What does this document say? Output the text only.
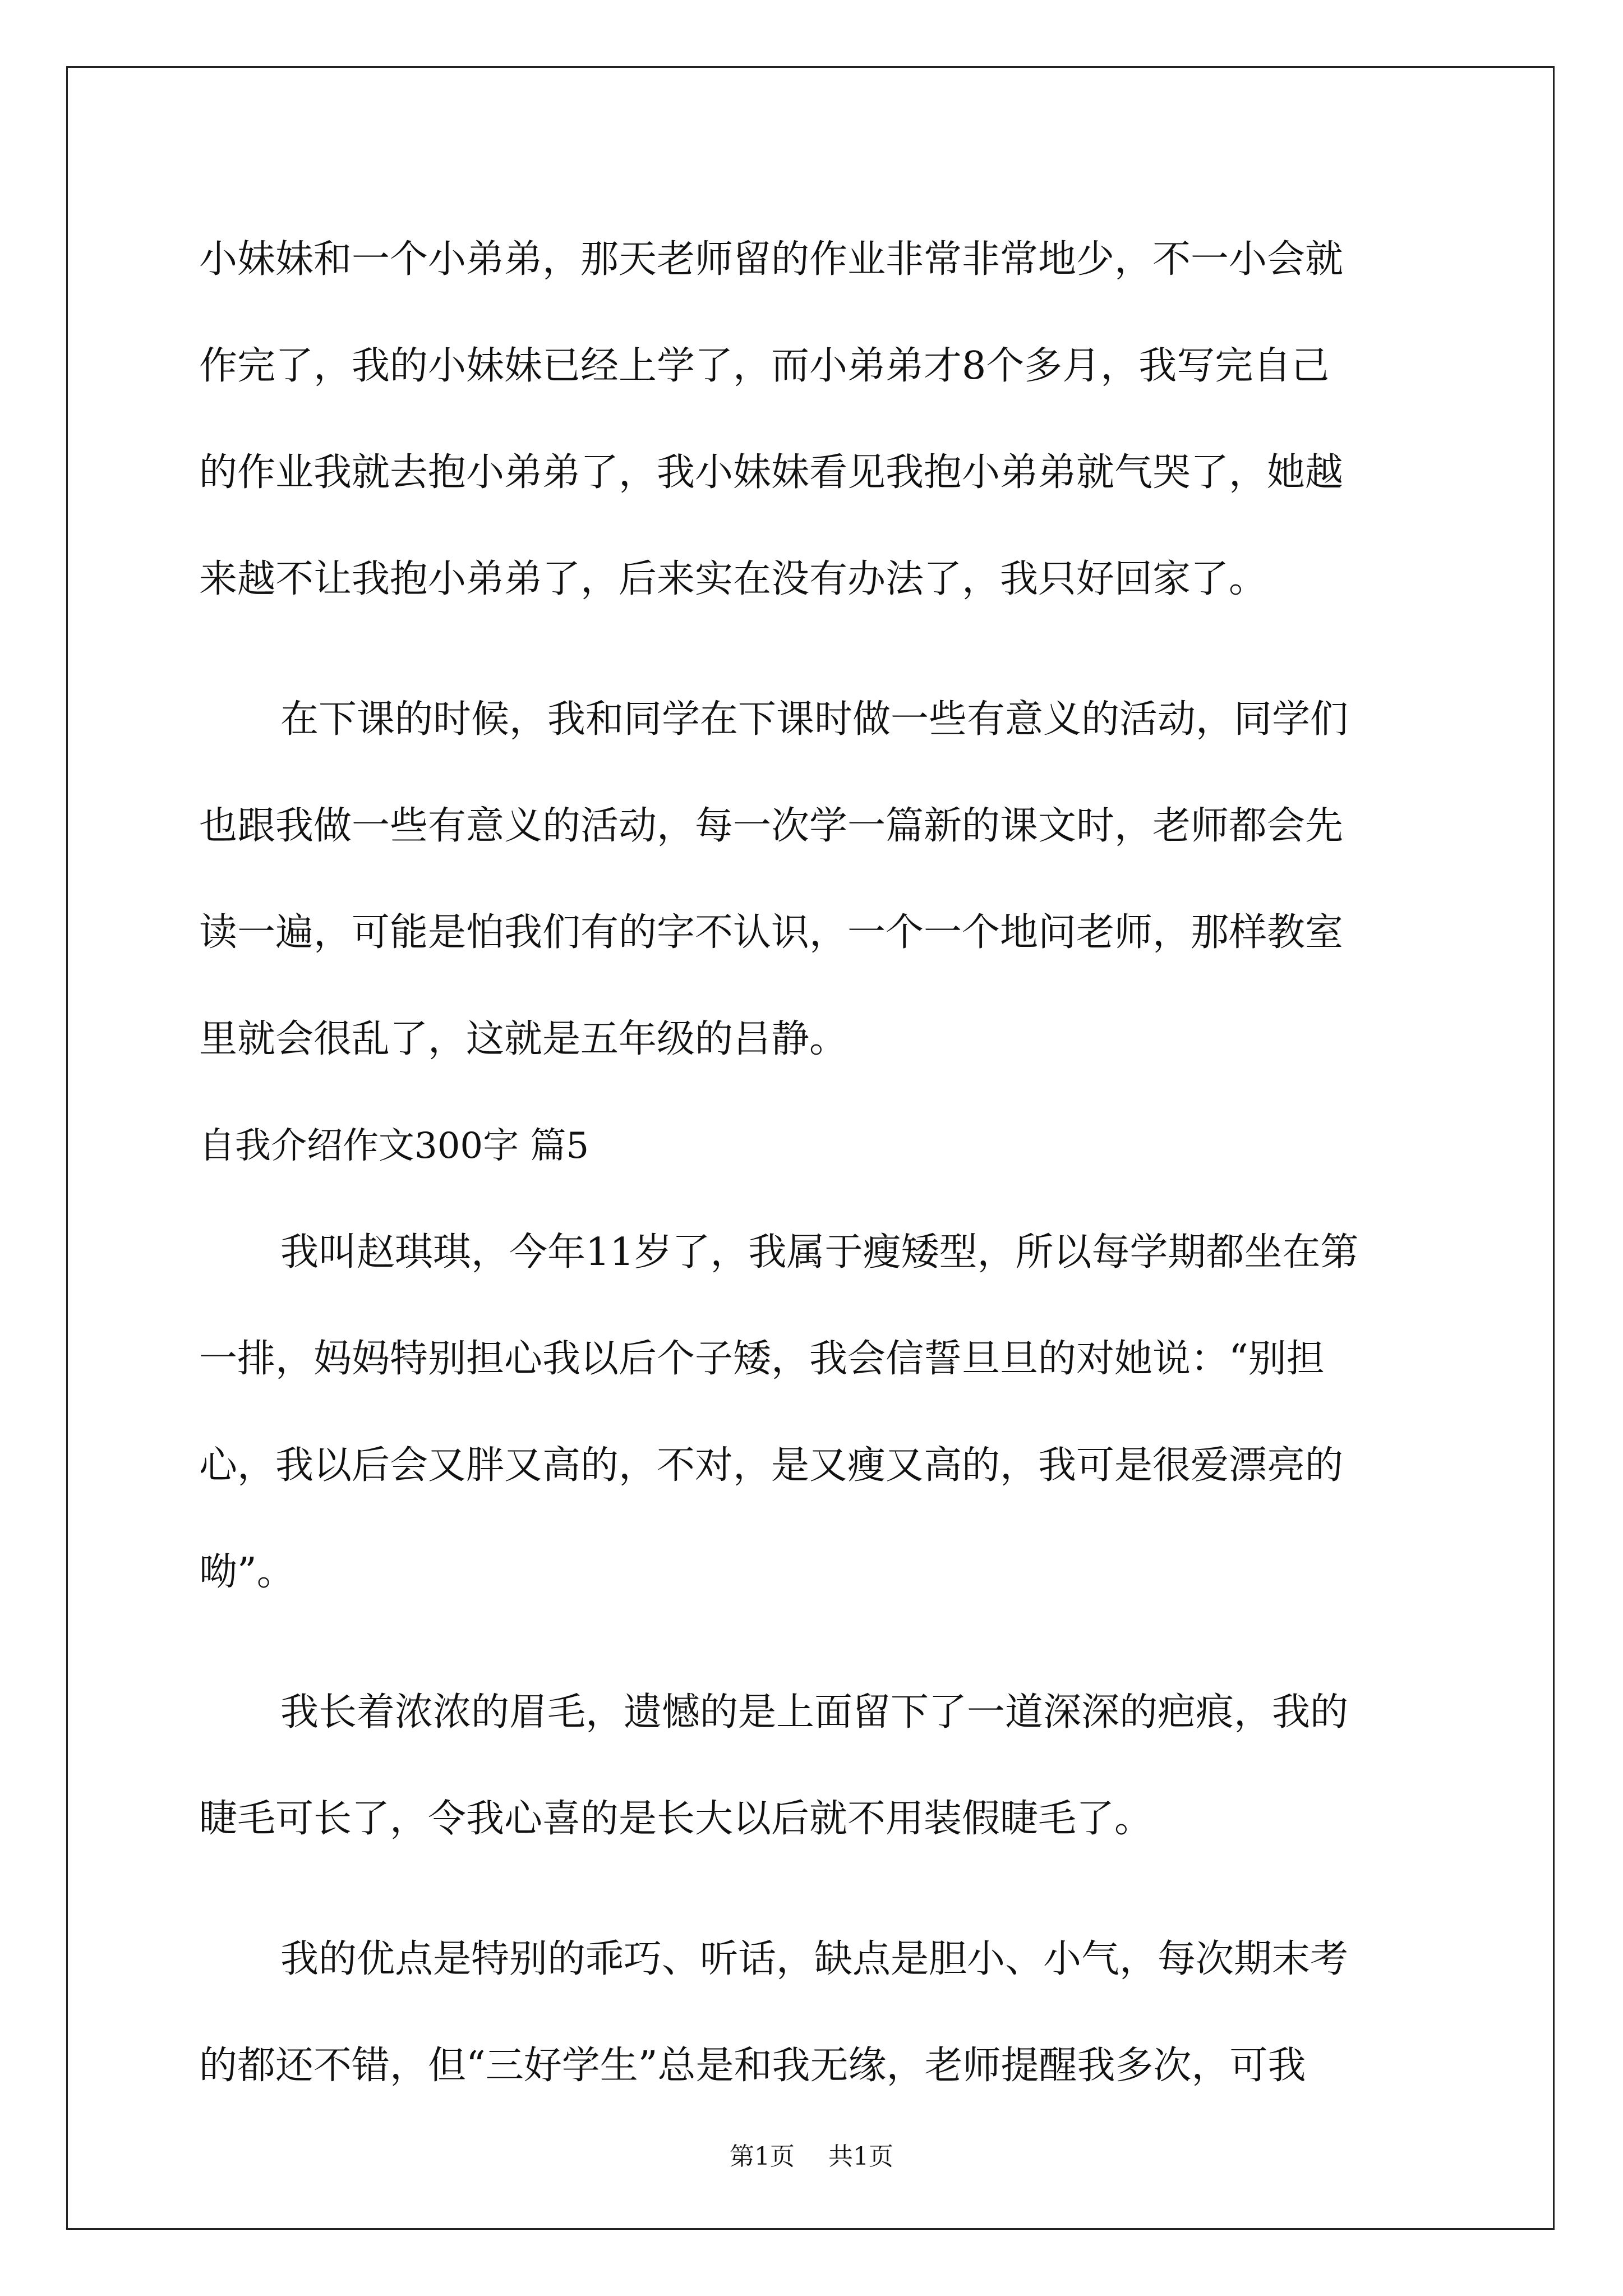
小妹妹和一个小弟弟，那天老师留的作业非常非常地少，不一小会就
作完了，我的小妹妹已经上学了，而小弟弟才8个多月，我写完自己
的作业我就去抱小弟弟了，我小妹妹看见我抱小弟弟就气哭了，她越
来越不让我抱小弟弟了，后来实在没有办法了，我只好回家了。
在下课的时候，我和同学在下课时做一些有意义的活动，同学们
也跟我做一些有意义的活动，每一次学一篇新的课文时，老师都会先
读一遍，可能是怕我们有的字不认识，一个一个地问老师，那样教室
里就会很乱了，这就是五年级的吕静。
自我介绍作文300字 篇5
我叫赵琪琪，今年11岁了，我属于瘦矮型，所以每学期都坐在第
一排，妈妈特别担心我以后个子矮，我会信誓旦旦的对她说：“别担
心，我以后会又胖又高的，不对，是又瘦又高的，我可是很爱漂亮的
呦”。
我长着浓浓的眉毛，遗憾的是上面留下了一道深深的疤痕，我的
睫毛可长了，令我心喜的是长大以后就不用装假睫毛了。
我的优点是特别的乖巧、听话，缺点是胆小、小气，每次期末考
的都还不错，但“三好学生”总是和我无缘，老师提醒我多次，可我
第1页 共1页
